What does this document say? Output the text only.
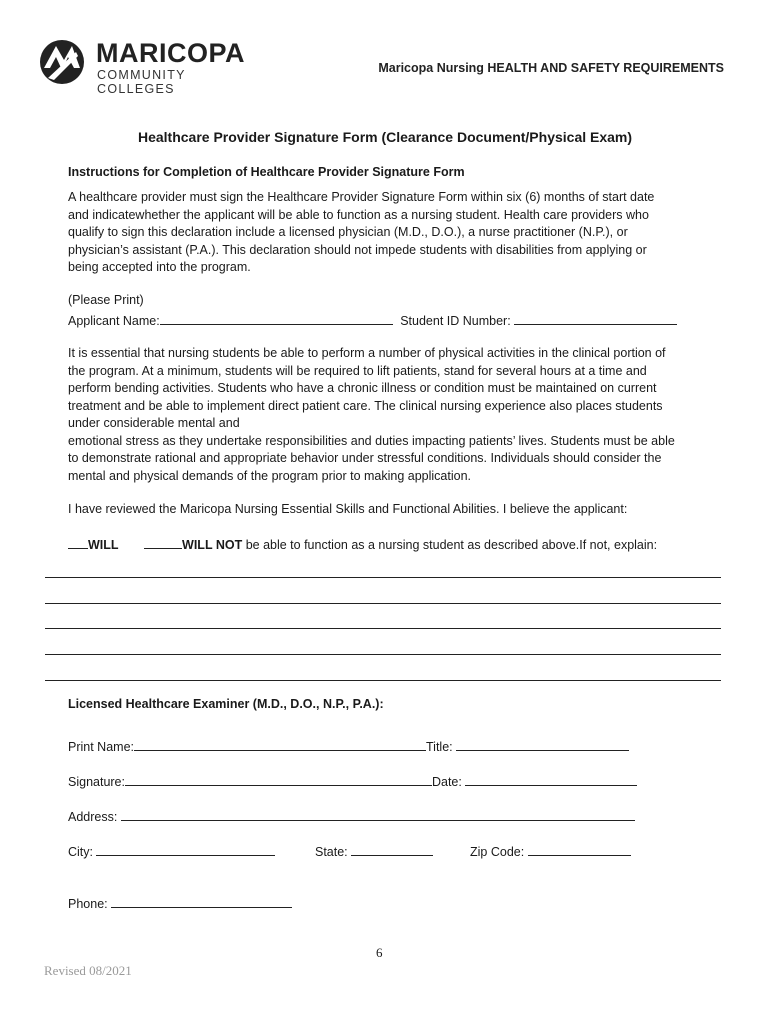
MARICOPA
COMMUNITY COLLEGES
Maricopa Nursing HEALTH AND SAFETY REQUIREMENTS
Healthcare Provider Signature Form (Clearance Document/Physical Exam)
Instructions for Completion of Healthcare Provider Signature Form
A healthcare provider must sign the Healthcare Provider Signature Form within six (6) months of start date
and indicatewhether the applicant will be able to function as a nursing student. Health care providers who
qualify to sign this declaration include a licensed physician (M.D., D.O.), a nurse practitioner (N.P.), or
physician’s assistant (P.A.). This declaration should not impede students with disabilities from applying or
being accepted into the program.
(Please Print)
Applicant Name:	Student ID Number:
It is essential that nursing students be able to perform a number of physical activities in the clinical portion of
the program. At a minimum, students will be required to lift patients, stand for several hours at a time and
perform bending activities. Students who have a chronic illness or condition must be maintained on current
treatment and be able to implement direct patient care. The clinical nursing experience also places students
under considerable mental and
emotional stress as they undertake responsibilities and duties impacting patients’ lives. Students must be able
to demonstrate rational and appropriate behavior under stressful conditions. Individuals should consider the
mental and physical demands of the program prior to making application.
I have reviewed the Maricopa Nursing Essential Skills and Functional Abilities. I believe the applicant:
WILL	WILL NOT be able to function as a nursing student as described above.If not, explain:
Licensed Healthcare Examiner (M.D., D.O., N.P., P.A.):
Print Name:	Title:
Signature:	Date:
Address:
City:	State:	Zip Code:
Phone:
6
Revised 08/2021
